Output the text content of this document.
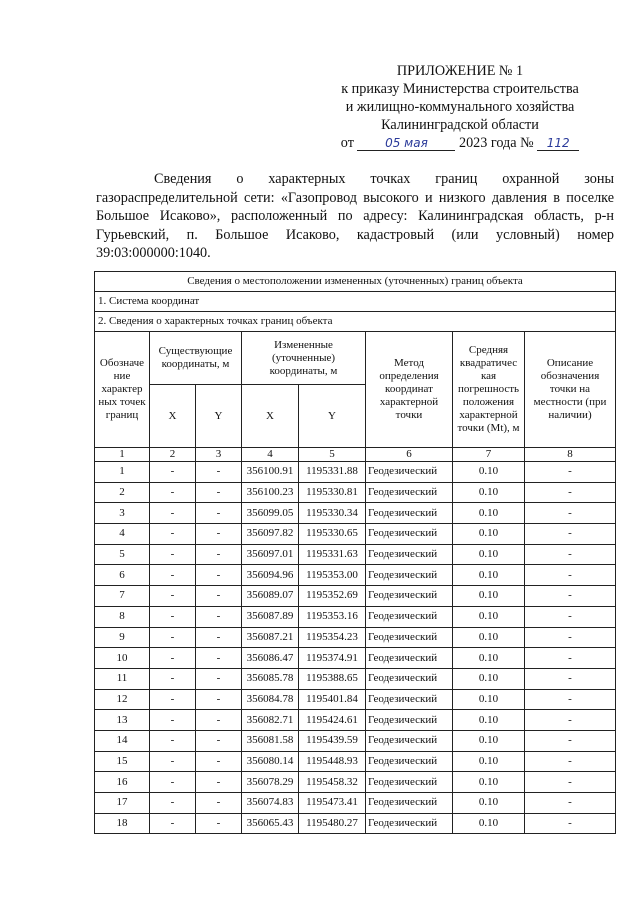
ПРИЛОЖЕНИЕ № 1
к приказу Министерства строительства
и жилищно-коммунального хозяйства
Калининградской области
от	05 мая 2023 года № 112
Сведения о характерных точках границ охранной зоны газораспределительной сети: «Газопровод высокого и низкого давления в поселке Большое Исаково», расположенный по адресу: Калининградская область, р-н Гурьевский, п. Большое Исаково, кадастровый (или условный) номер 39:03:000000:1040.
Сведения о местоположении измененных (уточненных) границ объекта							
1. Система координат							
2. Сведения о характерных точках границ объекта							
Обозначе ние характер ных точек границ	Существующие координаты, м		Измененные (уточненные) координаты, м		Метод определения координат характерной точки	Средняя квадратичес кая погрешность положения характерной точки (Mt), м	Описание обозначения точки на местности (при наличии)
	X	Y	X	Y			
1	2	3	4	5	6	7	8
1	-	-	356100.91	1195331.88	Геодезический	0.10	-
2	-	-	356100.23	1195330.81	Геодезический	0.10	-
3	-	-	356099.05	1195330.34	Геодезический	0.10	-
4	-	-	356097.82	1195330.65	Геодезический	0.10	-
5	-	-	356097.01	1195331.63	Геодезический	0.10	-
6	-	-	356094.96	1195353.00	Геодезический	0.10	-
7	-	-	356089.07	1195352.69	Геодезический	0.10	-
8	-	-	356087.89	1195353.16	Геодезический	0.10	-
9	-	-	356087.21	1195354.23	Геодезический	0.10	-
10	-	-	356086.47	1195374.91	Геодезический	0.10	-
11	-	-	356085.78	1195388.65	Геодезический	0.10	-
12	-	-	356084.78	1195401.84	Геодезический	0.10	-
13	-	-	356082.71	1195424.61	Геодезический	0.10	-
14	-	-	356081.58	1195439.59	Геодезический	0.10	-
15	-	-	356080.14	1195448.93	Геодезический	0.10	-
16	-	-	356078.29	1195458.32	Геодезический	0.10	-
17	-	-	356074.83	1195473.41	Геодезический	0.10	-
18	-	-	356065.43	1195480.27	Геодезический	0.10	-
